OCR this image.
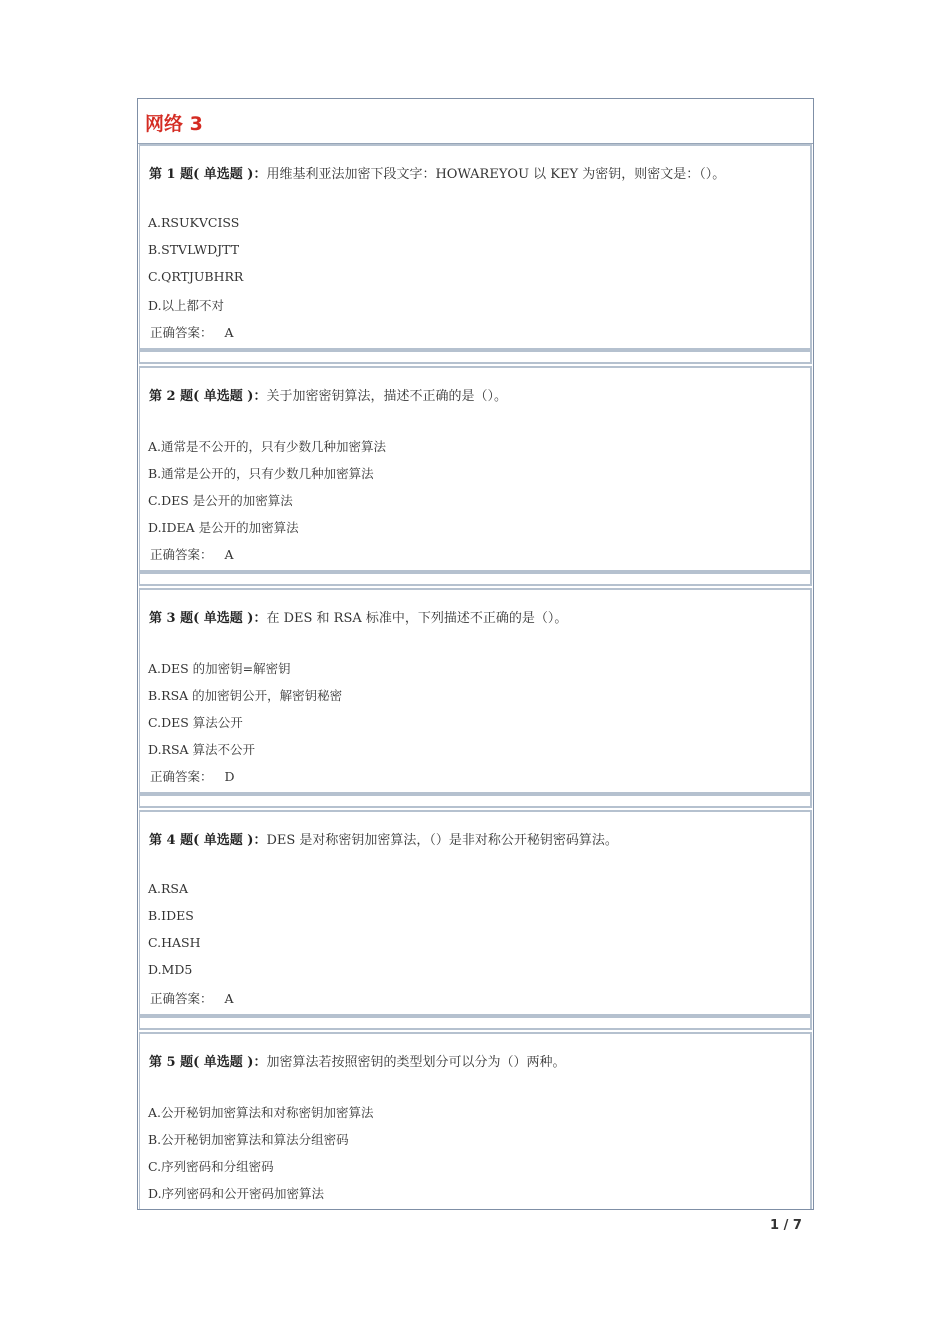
网络 3
第 1 题( 单选题 )：用维基利亚法加密下段文字：HOWAREYOU 以 KEY 为密钥，则密文是：（）。
A.RSUKVCISS
B.STVLWDJTT
C.QRTJUBHRR
D.以上都不对
正确答案： A
第 2 题( 单选题 )：关于加密密钥算法，描述不正确的是（）。
A.通常是不公开的，只有少数几种加密算法
B.通常是公开的，只有少数几种加密算法
C.DES 是公开的加密算法
D.IDEA 是公开的加密算法
正确答案： A
第 3 题( 单选题 )：在 DES 和 RSA 标准中，下列描述不正确的是（）。
A.DES 的加密钥=解密钥
B.RSA 的加密钥公开，解密钥秘密
C.DES 算法公开
D.RSA 算法不公开
正确答案： D
第 4 题( 单选题 )：DES 是对称密钥加密算法，（）是非对称公开秘钥密码算法。
A.RSA
B.IDES
C.HASH
D.MD5
正确答案： A
第 5 题( 单选题 )：加密算法若按照密钥的类型划分可以分为（）两种。
A.公开秘钥加密算法和对称密钥加密算法
B.公开秘钥加密算法和算法分组密码
C.序列密码和分组密码
D.序列密码和公开密码加密算法
1 / 7
